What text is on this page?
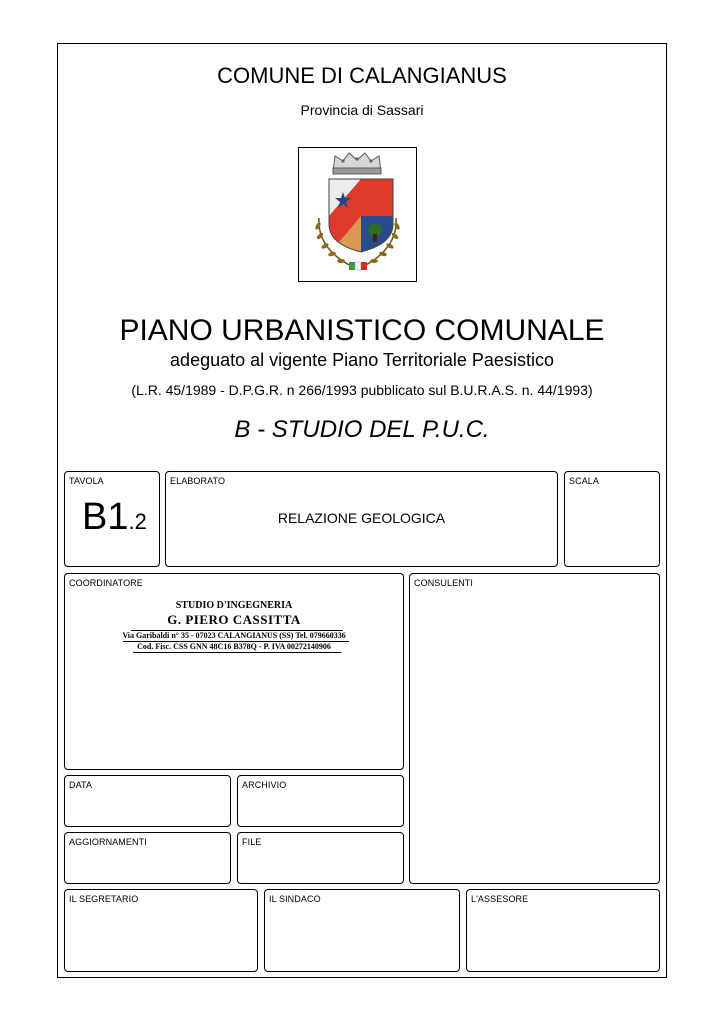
COMUNE DI CALANGIANUS
Provincia di Sassari
PIANO URBANISTICO COMUNALE
adeguato al vigente Piano Territoriale Paesistico
(L.R. 45/1989 - D.P.G.R. n 266/1993 pubblicato sul B.U.R.A.S. n. 44/1993)
B - STUDIO DEL P.U.C.
TAVOLA
B1.2
ELABORATO
RELAZIONE GEOLOGICA
SCALA
COORDINATORE
STUDIO D'INGEGNERIA
G. PIERO CASSITTA
Via Garibaldi n° 35 - 07023 CALANGIANUS (SS) Tel. 079660336
Cod. Fisc. CSS GNN 48C16 B378Q - P. IVA 00272140906
CONSULENTI
DATA	ARCHIVIO
AGGIORNAMENTI	FILE
IL SEGRETARIO	IL SINDACO	L'ASSESORE
